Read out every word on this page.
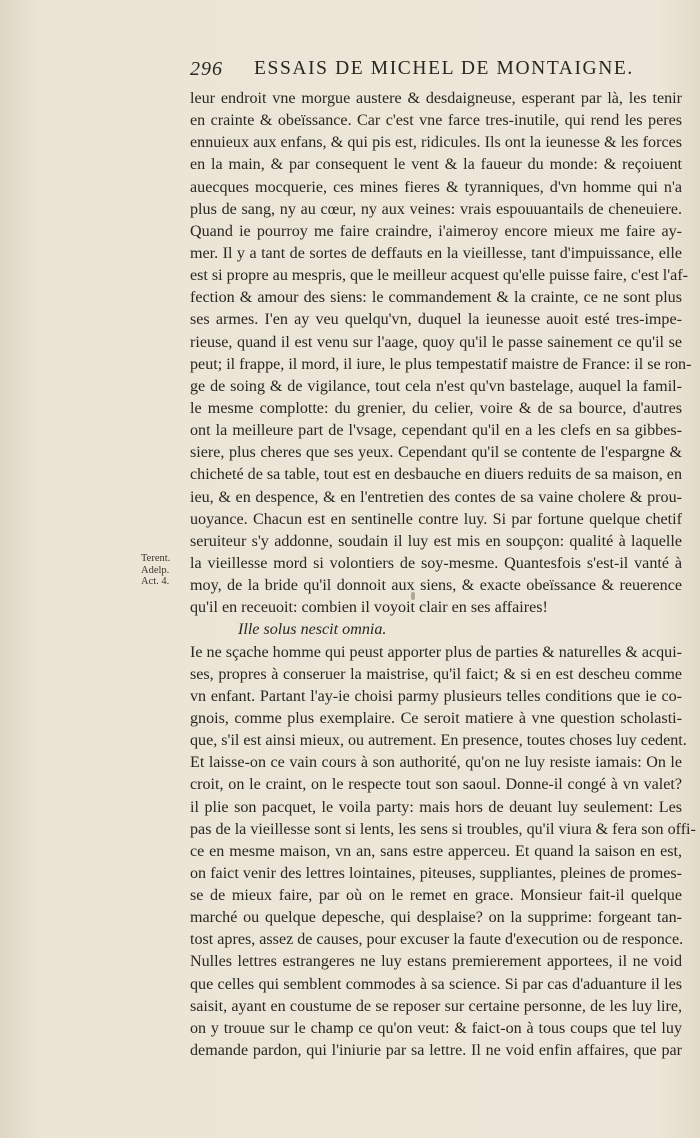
296 ESSAIS DE MICHEL DE MONTAIGNE.
Terent.
Adelp.
Act. 4.
leur endroit vne morgue austere & desdaigneuse, esperant par là, les tenir
en crainte & obeïssance. Car c'est vne farce tres-inutile, qui rend les peres
ennuieux aux enfans, & qui pis est, ridicules. Ils ont la ieunesse & les forces
en la main, & par consequent le vent & la faueur du monde: & reçoiuent
auecques mocquerie, ces mines fieres & tyranniques, d'vn homme qui n'a
plus de sang, ny au cœur, ny aux veines: vrais espouuantails de cheneuiere.
Quand ie pourroy me faire craindre, i'aimeroy encore mieux me faire ay-
mer. Il y a tant de sortes de deffauts en la vieillesse, tant d'impuissance, elle
est si propre au mespris, que le meilleur acquest qu'elle puisse faire, c'est l'af-
fection & amour des siens: le commandement & la crainte, ce ne sont plus
ses armes. I'en ay veu quelqu'vn, duquel la ieunesse auoit esté tres-impe-
rieuse, quand il est venu sur l'aage, quoy qu'il le passe sainement ce qu'il se
peut; il frappe, il mord, il iure, le plus tempestatif maistre de France: il se ron-
ge de soing & de vigilance, tout cela n'est qu'vn bastelage, auquel la famil-
le mesme complotte: du grenier, du celier, voire & de sa bource, d'autres
ont la meilleure part de l'vsage, cependant qu'il en a les clefs en sa gibbes-
siere, plus cheres que ses yeux. Cependant qu'il se contente de l'espargne &
chicheté de sa table, tout est en desbauche en diuers reduits de sa maison, en
ieu, & en despence, & en l'entretien des contes de sa vaine cholere & prou-
uoyance. Chacun est en sentinelle contre luy. Si par fortune quelque chetif
seruiteur s'y addonne, soudain il luy est mis en soupçon: qualité à laquelle
la vieillesse mord si volontiers de soy-mesme. Quantesfois s'est-il vanté à
moy, de la bride qu'il donnoit aux siens, & exacte obeïssance & reuerence
qu'il en receuoit: combien il voyoit clair en ses affaires!
Ille solus nescit omnia.
Ie ne sçache homme qui peust apporter plus de parties & naturelles & acqui-
ses, propres à conseruer la maistrise, qu'il faict; & si en est descheu comme
vn enfant. Partant l'ay-ie choisi parmy plusieurs telles conditions que ie co-
gnois, comme plus exemplaire. Ce seroit matiere à vne question scholasti-
que, s'il est ainsi mieux, ou autrement. En presence, toutes choses luy cedent.
Et laisse-on ce vain cours à son authorité, qu'on ne luy resiste iamais: On le
croit, on le craint, on le respecte tout son saoul. Donne-il congé à vn valet?
il plie son pacquet, le voila party: mais hors de deuant luy seulement: Les
pas de la vieillesse sont si lents, les sens si troubles, qu'il viura & fera son offi-
ce en mesme maison, vn an, sans estre apperceu. Et quand la saison en est,
on faict venir des lettres lointaines, piteuses, suppliantes, pleines de promes-
se de mieux faire, par où on le remet en grace. Monsieur fait-il quelque
marché ou quelque depesche, qui desplaise? on la supprime: forgeant tan-
tost apres, assez de causes, pour excuser la faute d'execution ou de responce.
Nulles lettres estrangeres ne luy estans premierement apportees, il ne void
que celles qui semblent commodes à sa science. Si par cas d'aduanture il les
saisit, ayant en coustume de se reposer sur certaine personne, de les luy lire,
on y trouue sur le champ ce qu'on veut: & faict-on à tous coups que tel luy
demande pardon, qui l'iniurie par sa lettre. Il ne void enfin affaires, que par
